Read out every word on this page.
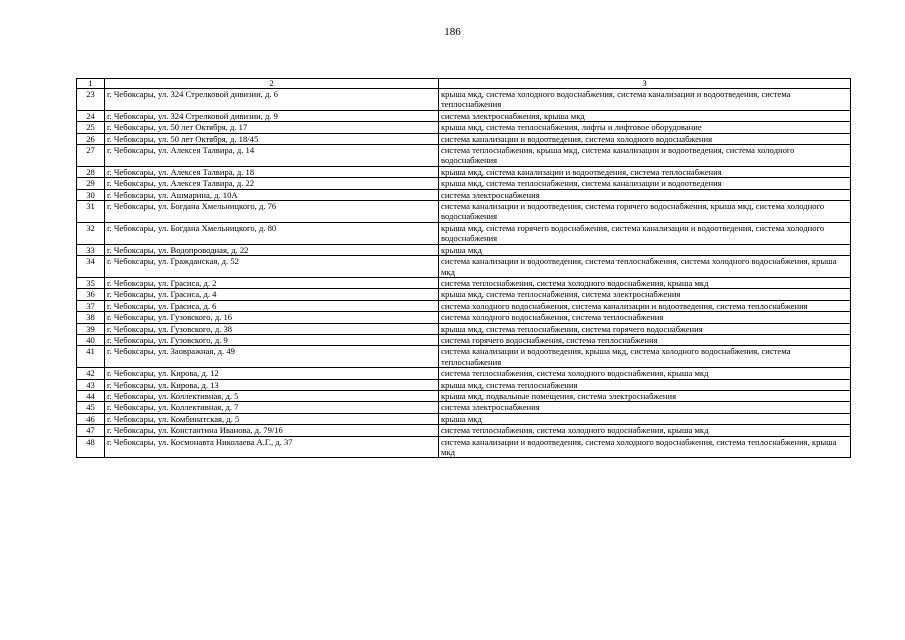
186
1	2	3
23	г. Чебоксары, ул. 324 Стрелковой дивизии, д. 6	крыша мкд, система холодного водоснабжения, система канализации и водоотведения, система теплоснабжения
24	г. Чебоксары, ул. 324 Стрелковой дивизии, д. 9	система электроснабжения, крыша мкд
25	г. Чебоксары, ул. 50 лет Октября, д. 17	крыша мкд, система теплоснабжения, лифты и лифтовое оборудование
26	г. Чебоксары, ул. 50 лет Октября, д. 18/45	система канализации и водоотведения, система холодного водоснабжения
27	г. Чебоксары, ул. Алексея Талвира, д. 14	система теплоснабжения, крыша мкд, система канализации и водоотведения, система холодного водоснабжения
28	г. Чебоксары, ул. Алексея Талвира, д. 18	крыша мкд, система канализации и водоотведения, система теплоснабжения
29	г. Чебоксары, ул. Алексея Талвира, д. 22	крыша мкд, система теплоснабжения, система канализации и водоотведения
30	г. Чебоксары, ул. Ашмарина, д. 10А	система электроснабжения
31	г. Чебоксары, ул. Богдана Хмельницкого, д. 76	система канализации и водоотведения, система горячего водоснабжения, крыша мкд, система холодного водоснабжения
32	г. Чебоксары, ул. Богдана Хмельницкого, д. 80	крыша мкд, система горячего водоснабжения, система канализации и водоотведения, система холодного водоснабжения
33	г. Чебоксары, ул. Водопроводная, д. 22	крыша мкд
34	г. Чебоксары, ул. Гражданская, д. 52	система канализации и водоотведения, система теплоснабжения, система холодного водоснабжения, крыша мкд
35	г. Чебоксары, ул. Грасиса, д. 2	система теплоснабжения, система холодного водоснабжения, крыша мкд
36	г. Чебоксары, ул. Грасиса, д. 4	крыша мкд, система теплоснабжения, система электроснабжения
37	г. Чебоксары, ул. Грасиса, д. 6	система холодного водоснабжения, система канализации и водоотведения, система теплоснабжения
38	г. Чебоксары, ул. Гузовского, д. 16	система холодного водоснабжения, система теплоснабжения
39	г. Чебоксары, ул. Гузовского, д. 38	крыша мкд, система теплоснабжения, система горячего водоснабжения
40	г. Чебоксары, ул. Гузовского, д. 9	система горячего водоснабжения, система теплоснабжения
41	г. Чебоксары, ул. Заовражная, д. 49	система канализации и водоотведения, крыша мкд, система холодного водоснабжения, система теплоснабжения
42	г. Чебоксары, ул. Кирова, д. 12	система теплоснабжения, система холодного водоснабжения, крыша мкд
43	г. Чебоксары, ул. Кирова, д. 13	крыша мкд, система теплоснабжения
44	г. Чебоксары, ул. Коллективная, д. 5	крыша мкд, подвальные помещения, система электроснабжения
45	г. Чебоксары, ул. Коллективная, д. 7	система электроснабжения
46	г. Чебоксары, ул. Комбинатская, д. 5	крыша мкд
47	г. Чебоксары, ул. Константина Иванова, д. 79/16	система теплоснабжения, система холодного водоснабжения, крыша мкд
48	г. Чебоксары, ул. Космонавта Николаева А.Г., д. 37	система канализации и водоотведения, система холодного водоснабжения, система теплоснабжения, крыша мкд
